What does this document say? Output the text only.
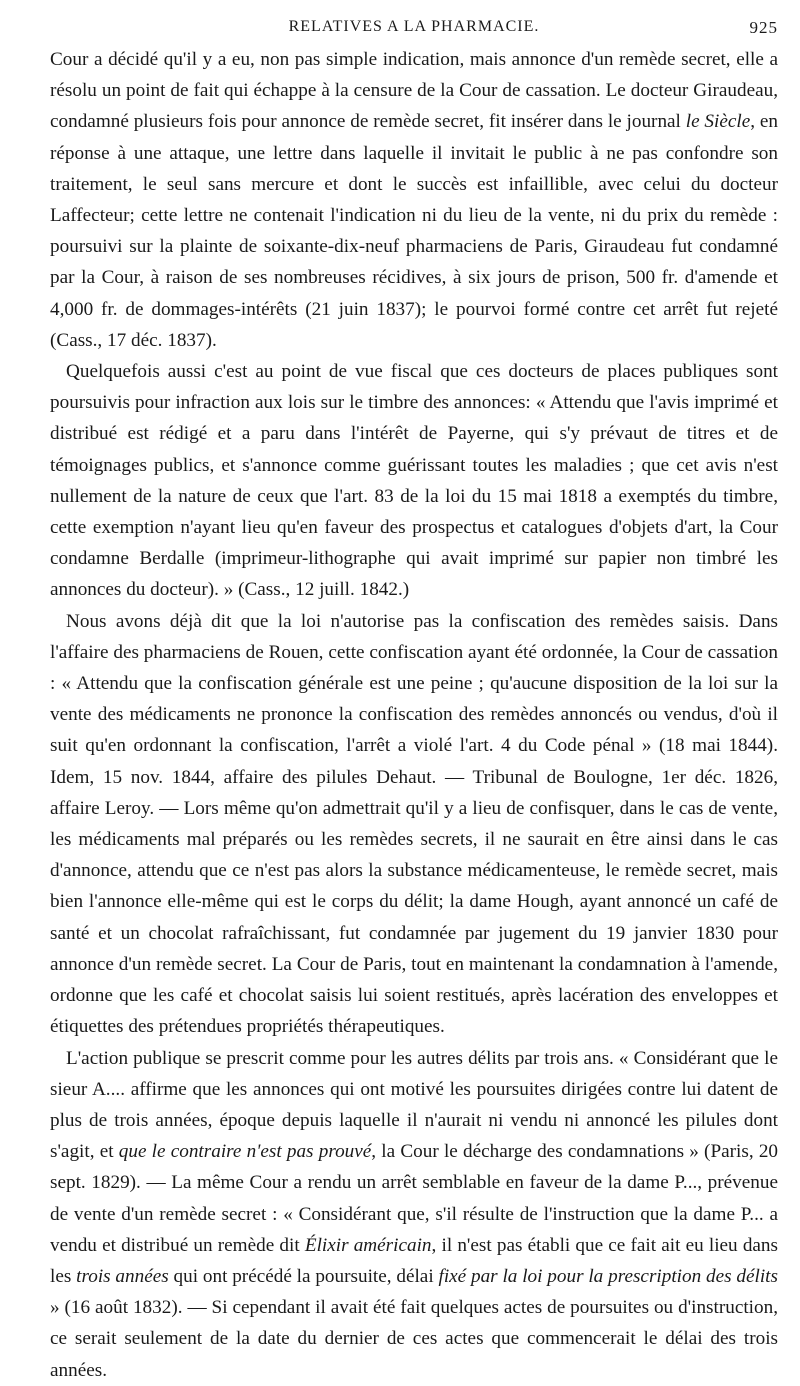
RELATIVES A LA PHARMACIE.	925

Cour a décidé qu'il y a eu, non pas simple indication, mais annonce d'un remède secret, elle a résolu un point de fait qui échappe à la censure de la Cour de cassation. Le docteur Giraudeau, condamné plusieurs fois pour annonce de remède secret, fit insérer dans le journal le Siècle, en réponse à une attaque, une lettre dans laquelle il invitait le public à ne pas confondre son traitement, le seul sans mercure et dont le succès est infaillible, avec celui du docteur Laffecteur; cette lettre ne contenait l'indication ni du lieu de la vente, ni du prix du remède : poursuivi sur la plainte de soixante-dix-neuf pharmaciens de Paris, Giraudeau fut condamné par la Cour, à raison de ses nombreuses récidives, à six jours de prison, 500 fr. d'amende et 4,000 fr. de dommages-intérêts (21 juin 1837); le pourvoi formé contre cet arrêt fut rejeté (Cass., 17 déc. 1837).

Quelquefois aussi c'est au point de vue fiscal que ces docteurs de places publiques sont poursuivis pour infraction aux lois sur le timbre des annonces: « Attendu que l'avis imprimé et distribué est rédigé et a paru dans l'intérêt de Payerne, qui s'y prévaut de titres et de témoignages publics, et s'annonce comme guérissant toutes les maladies ; que cet avis n'est nullement de la nature de ceux que l'art. 83 de la loi du 15 mai 1818 a exemptés du timbre, cette exemption n'ayant lieu qu'en faveur des prospectus et catalogues d'objets d'art, la Cour condamne Berdalle (imprimeur-lithographe qui avait imprimé sur papier non timbré les annonces du docteur). » (Cass., 12 juill. 1842.)

Nous avons déjà dit que la loi n'autorise pas la confiscation des remèdes saisis. Dans l'affaire des pharmaciens de Rouen, cette confiscation ayant été ordonnée, la Cour de cassation : « Attendu que la confiscation générale est une peine ; qu'aucune disposition de la loi sur la vente des médicaments ne prononce la confiscation des remèdes annoncés ou vendus, d'où il suit qu'en ordonnant la confiscation, l'arrêt a violé l'art. 4 du Code pénal » (18 mai 1844). Idem, 15 nov. 1844, affaire des pilules Dehaut. — Tribunal de Boulogne, 1er déc. 1826, affaire Leroy. — Lors même qu'on admettrait qu'il y a lieu de confisquer, dans le cas de vente, les médicaments mal préparés ou les remèdes secrets, il ne saurait en être ainsi dans le cas d'annonce, attendu que ce n'est pas alors la substance médicamenteuse, le remède secret, mais bien l'annonce elle-même qui est le corps du délit; la dame Hough, ayant annoncé un café de santé et un chocolat rafraîchissant, fut condamnée par jugement du 19 janvier 1830 pour annonce d'un remède secret. La Cour de Paris, tout en maintenant la condamnation à l'amende, ordonne que les café et chocolat saisis lui soient restitués, après lacération des enveloppes et étiquettes des prétendues propriétés thérapeutiques.

L'action publique se prescrit comme pour les autres délits par trois ans. « Considérant que le sieur A.... affirme que les annonces qui ont motivé les poursuites dirigées contre lui datent de plus de trois années, époque depuis laquelle il n'aurait ni vendu ni annoncé les pilules dont s'agit, et que le contraire n'est pas prouvé, la Cour le décharge des condamnations » (Paris, 20 sept. 1829). — La même Cour a rendu un arrêt semblable en faveur de la dame P..., prévenue de vente d'un remède secret : « Considérant que, s'il résulte de l'instruction que la dame P... a vendu et distribué un remède dit Élixir américain, il n'est pas établi que ce fait ait eu lieu dans les trois années qui ont précédé la poursuite, délai fixé par la loi pour la prescription des délits » (16 août 1832). — Si cependant il avait été fait quelques actes de poursuites ou d'instruction, ce serait seulement de la date du dernier de ces actes que commencerait le délai des trois années.
